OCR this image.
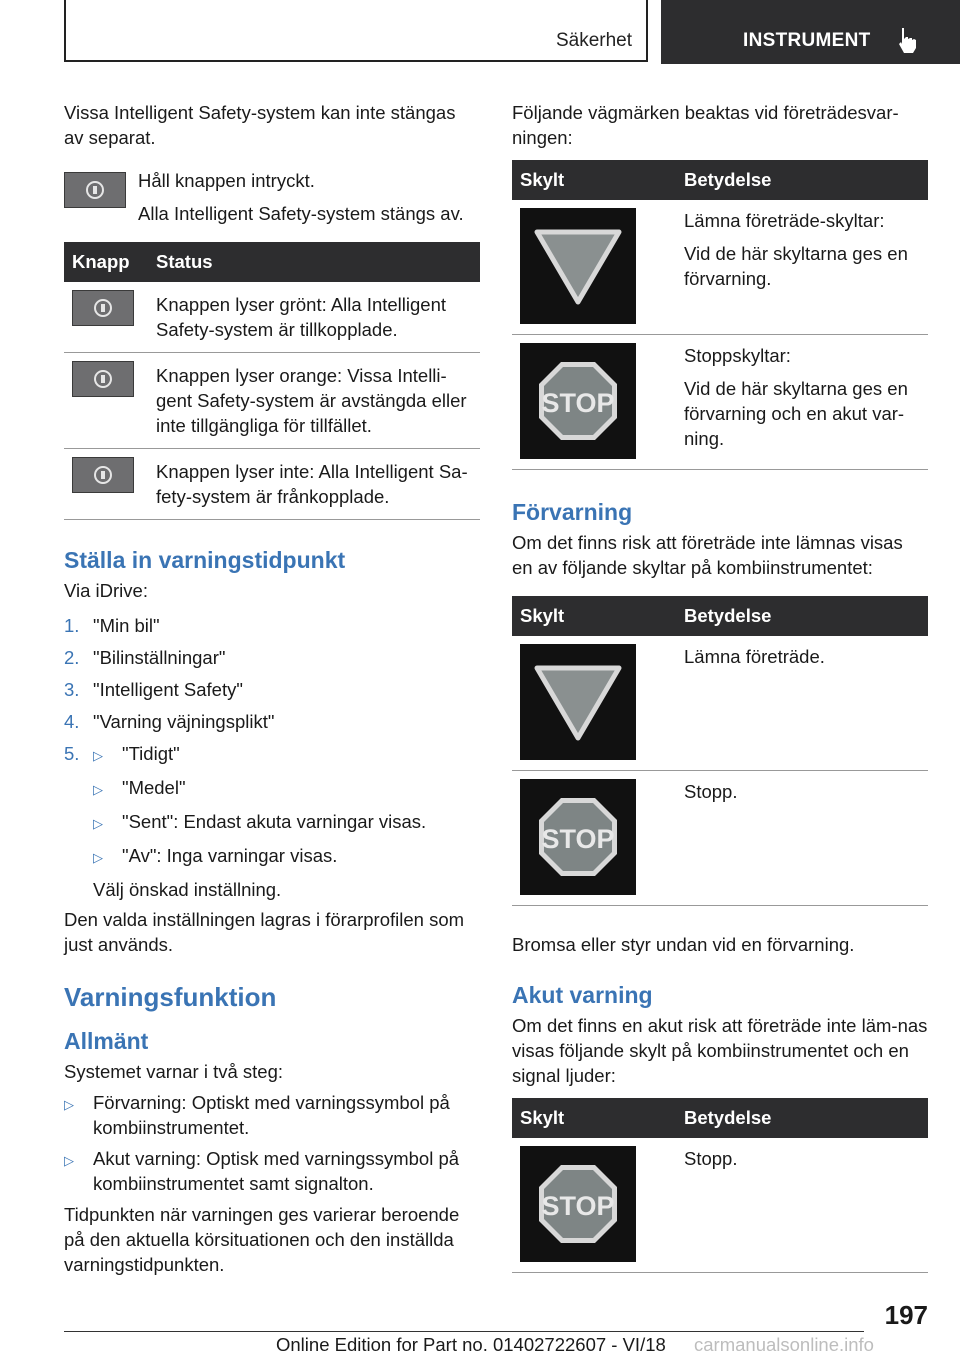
Säkerhet	INSTRUMENT

Vissa Intelligent Safety-system kan inte stängas av separat.

Håll knappen intryckt.

Alla Intelligent Safety-system stängs av.

Knapp	Status

	Knappen lyser grönt: Alla Intelligent Safety-system är tillkopplade.

	Knappen lyser orange: Vissa Intelli-gent Safety-system är avstängda eller inte tillgängliga för tillfället.

	Knappen lyser inte: Alla Intelligent Sa-fety-system är frånkopplade.
Ställa in varningstidpunkt

Via iDrive:

1. "Min bil"
2. "Bilinställningar"
3. "Intelligent Safety"
4. "Varning väjningsplikt"
5.	▷	"Tidigt"
▷	"Medel"
▷	"Sent": Endast akuta varningar visas.
▷	"Av": Inga varningar visas.
Välj önskad inställning.

Den valda inställningen lagras i förarprofilen som just används.

Varningsfunktion
Allmänt

Systemet varnar i två steg:

▷	Förvarning: Optiskt med varningssymbol på kombiinstrumentet.
▷	Akut varning: Optisk med varningssymbol på kombiinstrumentet samt signalton.

Tidpunkten när varningen ges varierar beroende på den aktuella körsituationen och den inställda varningstidpunkten.

Följande vägmärken beaktas vid företrädesvar-ningen:

Skylt	Betydelse

Lämna företräde-skyltar:

Vid de här skyltarna ges en förvarning.

STOP	Stoppskyltar:

Vid de här skyltarna ges en förvarning och en akut var-ning.

Förvarning

Om det finns risk att företräde inte lämnas visas en av följande skyltar på kombiinstrumentet:

Skylt	Betydelse

Lämna företräde.

STOP	Stopp.

Bromsa eller styr undan vid en förvarning.

Akut varning

Om det finns en akut risk att företräde inte läm-nas visas följande skylt på kombiinstrumentet och en signal ljuder:

Skylt	Betydelse

STOP	Stopp.

197
Online Edition for Part no. 01402722607 - VI/18 carmanualsonline.info
